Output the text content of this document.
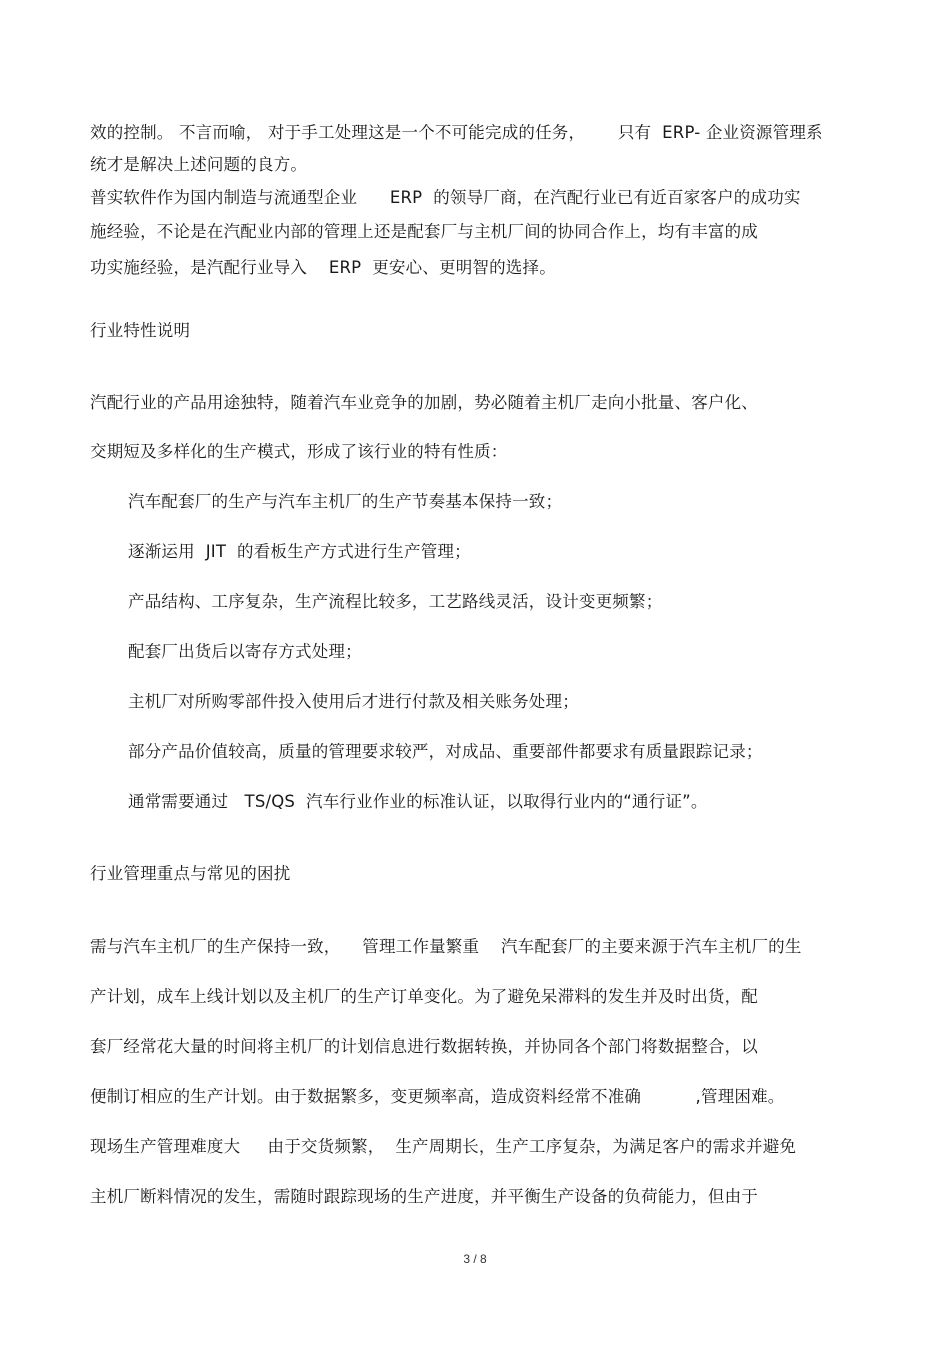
效的控制。 不言而喻， 对于手工处理这是一个不可能完成的任务，      只有  ERP- 企业资源管理系
统才是解决上述问题的良方。
普实软件作为国内制造与流通型企业      ERP  的领导厂商，在汽配行业已有近百家客户的成功实
施经验，不论是在汽配业内部的管理上还是配套厂与主机厂间的协同合作上，均有丰富的成
功实施经验，是汽配行业导入    ERP  更安心、更明智的选择。
行业特性说明
汽配行业的产品用途独特，随着汽车业竞争的加剧，势必随着主机厂走向小批量、客户化、
交期短及多样化的生产模式，形成了该行业的特有性质：
汽车配套厂的生产与汽车主机厂的生产节奏基本保持一致；
逐渐运用  JIT  的看板生产方式进行生产管理；
产品结构、工序复杂，生产流程比较多，工艺路线灵活，设计变更频繁；
配套厂出货后以寄存方式处理；
主机厂对所购零部件投入使用后才进行付款及相关账务处理；
部分产品价值较高，质量的管理要求较严，对成品、重要部件都要求有质量跟踪记录；
通常需要通过   TS/QS  汽车行业作业的标准认证，以取得行业内的“通行证”。
行业管理重点与常见的困扰
需与汽车主机厂的生产保持一致，    管理工作量繁重    汽车配套厂的主要来源于汽车主机厂的生
产计划，成车上线计划以及主机厂的生产订单变化。为了避免呆滞料的发生并及时出货，配
套厂经常花大量的时间将主机厂的计划信息进行数据转换，并协同各个部门将数据整合，以
便制订相应的生产计划。由于数据繁多，变更频率高，造成资料经常不准确          ,管理困难。
现场生产管理难度大     由于交货频繁，  生产周期长，生产工序复杂，为满足客户的需求并避免
主机厂断料情况的发生，需随时跟踪现场的生产进度，并平衡生产设备的负荷能力，但由于
3 / 8
